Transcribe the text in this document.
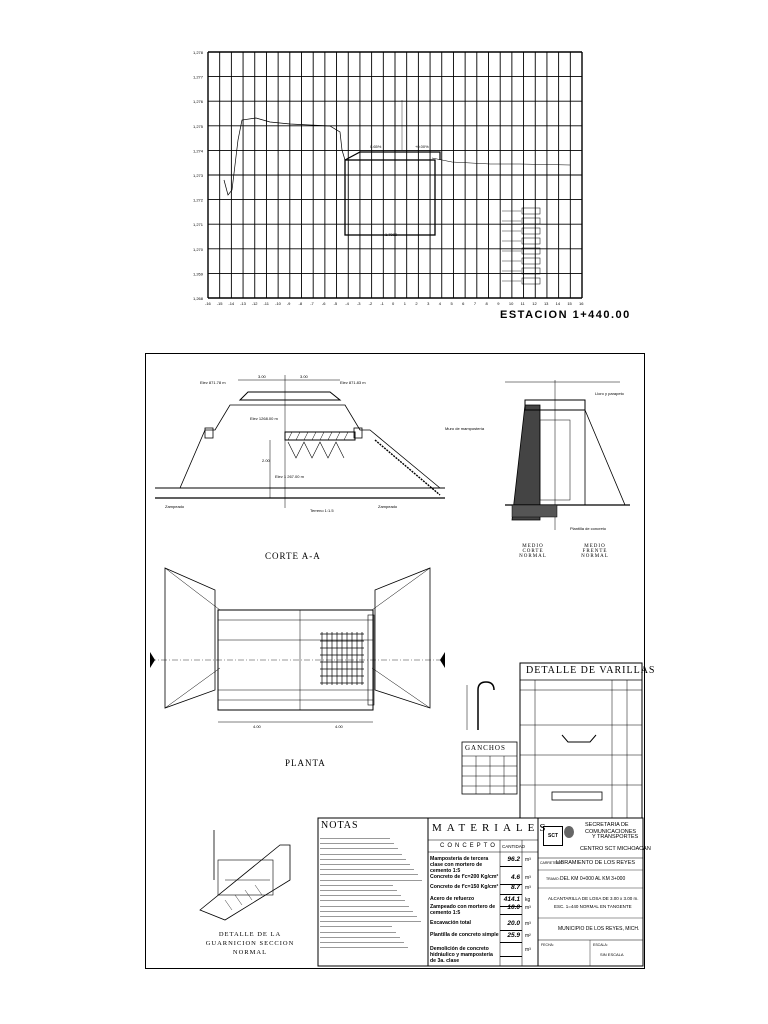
1,278
1,277
1,276
1,275
1,274
1,273
1,272
1,271
1,270
1,269
1,268
-16 -15 -14 -13 -12 -11 -10 -9 -8 -7 -6 -5 -4 -3 -2 -1 0 1 2 3 4 5 6 7 8 9 10 11 12 13 14 15 16
0.65%	+0.00%
1.7000
ESTACION 1+440.00
3.00	3.00
Elev 871.78 m	Elev 871.83 m
Elev 1268.00 m
2.00
Elev 1 267.00 m
Terreno 1:1.5
Zampeado	Zampeado
Lloro y parapeto
Muro de mampostería
Plantilla de concreto
4.00	4.00
CORTE A-A
PLANTA
MEDIO CORTE NORMAL
MEDIO FRENTE NORMAL
GANCHOS
DETALLE DE LA GUARNICION SECCION NORMAL
DETALLE DE VARILLAS
NOTAS	MATERIALES
CONCEPTO CANTIDAD
Mampostería de tercera clase con mortero de cemento 1:5
96.2 m³
Concreto de f'c=200 Kg/cm²	4.6 m³
Concreto de f'c=150 Kg/cm²	8.7 m³
Acero de refuerzo	414.1 kg
Zampeado con mortero de cemento 1:5
10.0 m³
Excavación total	20.0 m³
Plantilla de concreto simple	25.9 m²
Demolición de concreto hidráulico y mampostería de 3a. clase
m³
SCT
SECRETARIA DE COMUNICACIONES
Y TRANSPORTES
CENTRO SCT MICHOACAN
CARRETERA:
LIBRAMIENTO DE LOS REYES
TRAMO: DEL KM 0+000 AL KM 3+000
ALCANTARILLA DE LOSA DE 3.00 x 3.00 m.
ESC. 1=440 NORMAL EN TANGENTE
MUNICIPIO DE LOS REYES, MICH.
FECHA:	ESCALA:
SIN ESCALA
